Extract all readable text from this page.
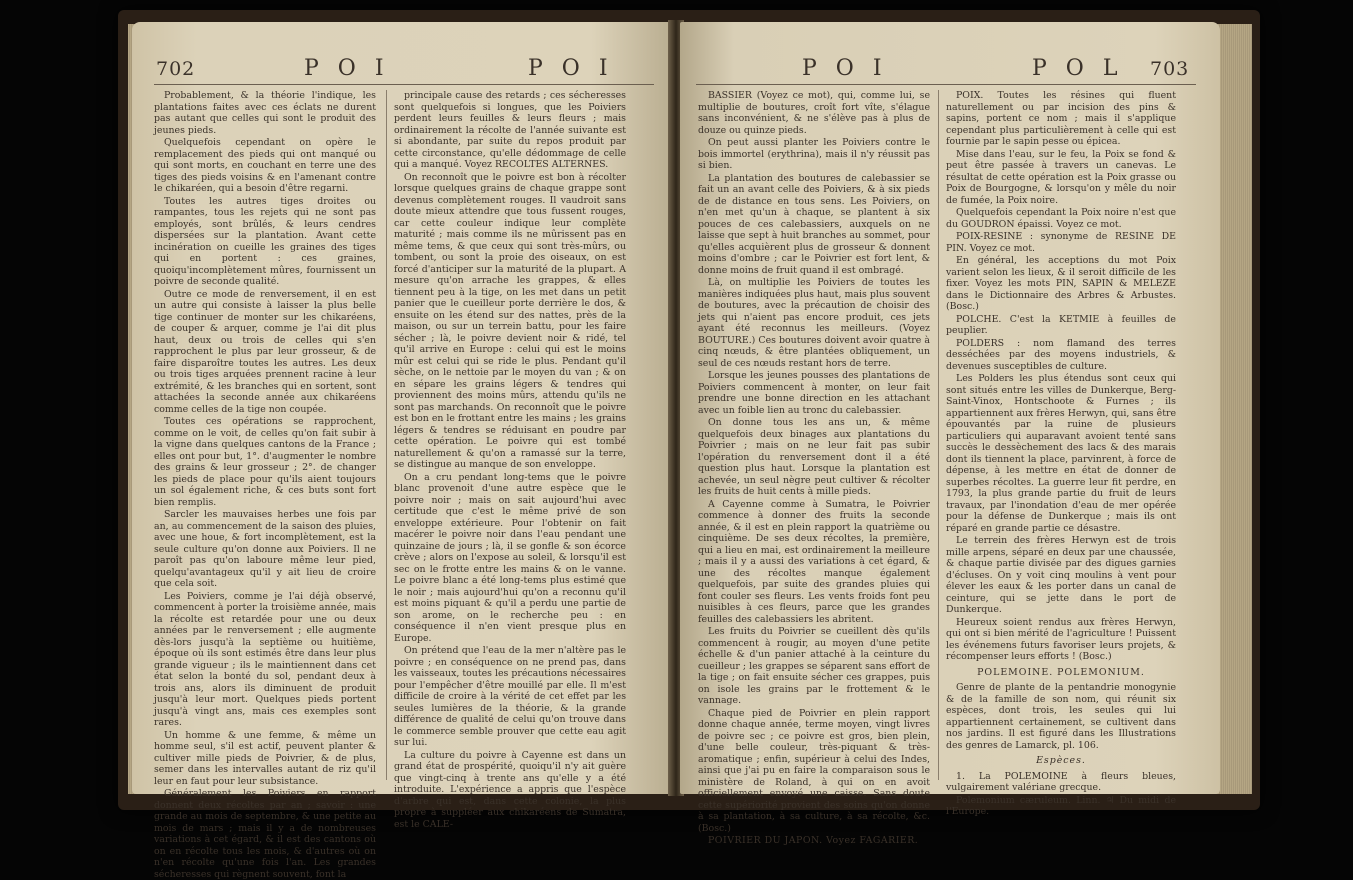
702	P O I	P O I

Probablement, & la théorie l'indique, les plantations faites avec ces éclats ne durent pas autant que celles qui sont le produit des jeunes pieds.

Quelquefois cependant on opère le remplacement des pieds qui ont manqué ou qui sont morts, en couchant en terre une des tiges des pieds voisins & en l'amenant contre le chikaréen, qui a besoin d'être regarni.

Toutes les autres tiges droites ou rampantes, tous les rejets qui ne sont pas employés, sont brûlés, & leurs cendres dispersées sur la plantation. Avant cette incinération on cueille les graines des tiges qui en portent : ces graines, quoiqu'incomplètement mûres, fournissent un poivre de seconde qualité.

Outre ce mode de renversement, il en est un autre qui consiste à laisser la plus belle tige continuer de monter sur les chikaréens, de couper & arquer, comme je l'ai dit plus haut, deux ou trois de celles qui s'en rapprochent le plus par leur grosseur, & de faire disparoître toutes les autres. Les deux ou trois tiges arquées prennent racine à leur extrémité, & les branches qui en sortent, sont attachées la seconde année aux chikaréens comme celles de la tige non coupée.

Toutes ces opérations se rapprochent, comme on le voit, de celles qu'on fait subir à la vigne dans quelques cantons de la France ; elles ont pour but, 1°. d'augmenter le nombre des grains & leur grosseur ; 2°. de changer les pieds de place pour qu'ils aient toujours un sol également riche, & ces buts sont fort bien remplis.

Sarcler les mauvaises herbes une fois par an, au commencement de la saison des pluies, avec une houe, & fort incomplètement, est la seule culture qu'on donne aux Poiviers. Il ne paroît pas qu'on laboure même leur pied, quelqu'avantageux qu'il y ait lieu de croire que cela soit.

Les Poiviers, comme je l'ai déjà observé, commencent à porter la troisième année, mais la récolte est retardée pour une ou deux années par le renversement ; elle augmente dès-lors jusqu'à la septième ou huitième, époque où ils sont estimés être dans leur plus grande vigueur ; ils le maintiennent dans cet état selon la bonté du sol, pendant deux à trois ans, alors ils diminuent de produit jusqu'à leur mort. Quelques pieds portent jusqu'à vingt ans, mais ces exemples sont rares.

Un homme & une femme, & même un homme seul, s'il est actif, peuvent planter & cultiver mille pieds de Poivrier, & de plus, semer dans les intervalles autant de riz qu'il leur en faut pour leur subsistance.

Généralement les Poiviers en rapport donnent deux récoltes par an ; savoir : une grande au mois de septembre, & une petite au mois de mars ; mais il y a de nombreuses variations à cet égard, & il est des cantons où on en récolte tous les mois, & d'autres où on n'en récolte qu'une fois l'an. Les grandes sécheresses qui règnent souvent, font la

principale cause des retards ; ces sécheresses sont quelquefois si longues, que les Poiviers perdent leurs feuilles & leurs fleurs ; mais ordinairement la récolte de l'année suivante est si abondante, par suite du repos produit par cette circonstance, qu'elle dédommage de celle qui a manqué. Voyez RECOLTES ALTERNES.

On reconnoît que le poivre est bon à récolter lorsque quelques grains de chaque grappe sont devenus complètement rouges. Il vaudroit sans doute mieux attendre que tous fussent rouges, car cette couleur indique leur complète maturité ; mais comme ils ne mûrissent pas en même tems, & que ceux qui sont très-mûrs, ou tombent, ou sont la proie des oiseaux, on est forcé d'anticiper sur la maturité de la plupart. A mesure qu'on arrache les grappes, & elles tiennent peu à la tige, on les met dans un petit panier que le cueilleur porte derrière le dos, & ensuite on les étend sur des nattes, près de la maison, ou sur un terrein battu, pour les faire sécher ; là, le poivre devient noir & ridé, tel qu'il arrive en Europe : celui qui est le moins mûr est celui qui se ride le plus. Pendant qu'il sèche, on le nettoie par le moyen du van ; & on en sépare les grains légers & tendres qui proviennent des moins mûrs, attendu qu'ils ne sont pas marchands. On reconnoît que le poivre est bon en le frottant entre les mains ; les grains légers & tendres se réduisant en poudre par cette opération. Le poivre qui est tombé naturellement & qu'on a ramassé sur la terre, se distingue au manque de son enveloppe.

On a cru pendant long-tems que le poivre blanc provenoit d'une autre espèce que le poivre noir ; mais on sait aujourd'hui avec certitude que c'est le même privé de son enveloppe extérieure. Pour l'obtenir on fait macérer le poivre noir dans l'eau pendant une quinzaine de jours ; là, il se gonfle & son écorce crève ; alors on l'expose au soleil, & lorsqu'il est sec on le frotte entre les mains & on le vanne. Le poivre blanc a été long-tems plus estimé que le noir ; mais aujourd'hui qu'on a reconnu qu'il est moins piquant & qu'il a perdu une partie de son arome, on le recherche peu : en conséquence il n'en vient presque plus en Europe.

On prétend que l'eau de la mer n'altère pas le poivre ; en conséquence on ne prend pas, dans les vaisseaux, toutes les précautions nécessaires pour l'empêcher d'être mouillé par elle. Il m'est difficile de croire à la vérité de cet effet par les seules lumières de la théorie, & la grande différence de qualité de celui qu'on trouve dans le commerce semble prouver que cette eau agit sur lui.

La culture du poivre à Cayenne est dans un grand état de prospérité, quoiqu'il n'y ait guère que vingt-cinq à trente ans qu'elle y a été introduite. L'expérience a appris que l'espèce d'arbre qui est, dans cette colonie, la plus propre à suppléer aux chikaréens de Sumatra, est le CALE-

P O I	P O L 703

BASSIER (Voyez ce mot), qui, comme lui, se multiplie de boutures, croît fort vîte, s'élague sans inconvénient, & ne s'élève pas à plus de douze ou quinze pieds.

On peut aussi planter les Poiviers contre le bois immortel (erythrina), mais il n'y réussit pas si bien.

La plantation des boutures de calebassier se fait un an avant celle des Poiviers, & à six pieds de de distance en tous sens. Les Poiviers, on n'en met qu'un à chaque, se plantent à six pouces de ces calebassiers, auxquels on ne laisse que sept à huit branches au sommet, pour qu'elles acquièrent plus de grosseur & donnent moins d'ombre ; car le Poivrier est fort lent, & donne moins de fruit quand il est ombragé.

Là, on multiplie les Poiviers de toutes les manières indiquées plus haut, mais plus souvent de boutures, avec la précaution de choisir des jets qui n'aient pas encore produit, ces jets ayant été reconnus les meilleurs. (Voyez BOUTURE.) Ces boutures doivent avoir quatre à cinq nœuds, & être plantées obliquement, un seul de ces nœuds restant hors de terre.

Lorsque les jeunes pousses des plantations de Poiviers commencent à monter, on leur fait prendre une bonne direction en les attachant avec un foible lien au tronc du calebassier.

On donne tous les ans un, & même quelquefois deux binages aux plantations du Poivrier ; mais on ne leur fait pas subir l'opération du renversement dont il a été question plus haut. Lorsque la plantation est achevée, un seul nègre peut cultiver & récolter les fruits de huit cents à mille pieds.

A Cayenne comme à Sumatra, le Poivrier commence à donner des fruits la seconde année, & il est en plein rapport la quatrième ou cinquième. De ses deux récoltes, la première, qui a lieu en mai, est ordinairement la meilleure ; mais il y a aussi des variations à cet égard, & une des récoltes manque également quelquefois, par suite des grandes pluies qui font couler ses fleurs. Les vents froids font peu nuisibles à ces fleurs, parce que les grandes feuilles des calebassiers les abritent.

Les fruits du Poivrier se cueillent dès qu'ils commencent à rougir, au moyen d'une petite échelle & d'un panier attaché à la ceinture du cueilleur ; les grappes se séparent sans effort de la tige ; on fait ensuite sécher ces grappes, puis on isole les grains par le frottement & le vannage.

Chaque pied de Poivrier en plein rapport donne chaque année, terme moyen, vingt livres de poivre sec ; ce poivre est gros, bien plein, d'une belle couleur, très-piquant & très-aromatique ; enfin, supérieur à celui des Indes, ainsi que j'ai pu en faire la comparaison sous le ministère de Roland, à qui on en avoit officiellement envoyé une caisse. Sans doute cette supériorité provient des soins qu'on donne à sa plantation, à sa culture, à sa récolte, &c. (Bosc.)

POIVRIER DU JAPON. Voyez FAGARIER.

POIX. Toutes les résines qui fluent naturellement ou par incision des pins & sapins, portent ce nom ; mais il s'applique cependant plus particulièrement à celle qui est fournie par le sapin pesse ou épicea.

Mise dans l'eau, sur le feu, la Poix se fond & peut être passée à travers un canevas. Le résultat de cette opération est la Poix grasse ou Poix de Bourgogne, & lorsqu'on y mêle du noir de fumée, la Poix noire.

Quelquefois cependant la Poix noire n'est que du GOUDRON épaissi. Voyez ce mot.

POIX-RESINE : synonyme de RESINE DE PIN. Voyez ce mot.

En général, les acceptions du mot Poix varient selon les lieux, & il seroit difficile de les fixer. Voyez les mots PIN, SAPIN & MELEZE dans le Dictionnaire des Arbres & Arbustes. (Bosc.)

POLCHE. C'est la KETMIE à feuilles de peuplier.

POLDERS : nom flamand des terres desséchées par des moyens industriels, & devenues susceptibles de culture.

Les Polders les plus étendus sont ceux qui sont situés entre les villes de Dunkerque, Berg-Saint-Vinox, Hontschoote & Furnes ; ils appartiennent aux frères Herwyn, qui, sans être épouvantés par la ruine de plusieurs particuliers qui auparavant avoient tenté sans succès le dessèchement des lacs & des marais dont ils tiennent la place, parvinrent, à force de dépense, à les mettre en état de donner de superbes récoltes. La guerre leur fit perdre, en 1793, la plus grande partie du fruit de leurs travaux, par l'inondation d'eau de mer opérée pour la défense de Dunkerque ; mais ils ont réparé en grande partie ce désastre.

Le terrein des frères Herwyn est de trois mille arpens, séparé en deux par une chaussée, & chaque partie divisée par des digues garnies d'écluses. On y voit cinq moulins à vent pour élever les eaux & les porter dans un canal de ceinture, qui se jette dans le port de Dunkerque.

Heureux soient rendus aux frères Herwyn, qui ont si bien mérité de l'agriculture ! Puissent les événemens futurs favoriser leurs projets, & récompenser leurs efforts ! (Bosc.)

POLEMOINE. POLEMONIUM.

Genre de plante de la pentandrie monogynie & de la famille de son nom, qui réunit six espèces, dont trois, les seules qui lui appartiennent certainement, se cultivent dans nos jardins. Il est figuré dans les Illustrations des genres de Lamarck, pl. 106.

Espèces.

1. La POLEMOINE à fleurs bleues, vulgairement valériane grecque.

Polemonium cæruleum. Linn. ♃ Du midi de l'Europe.
